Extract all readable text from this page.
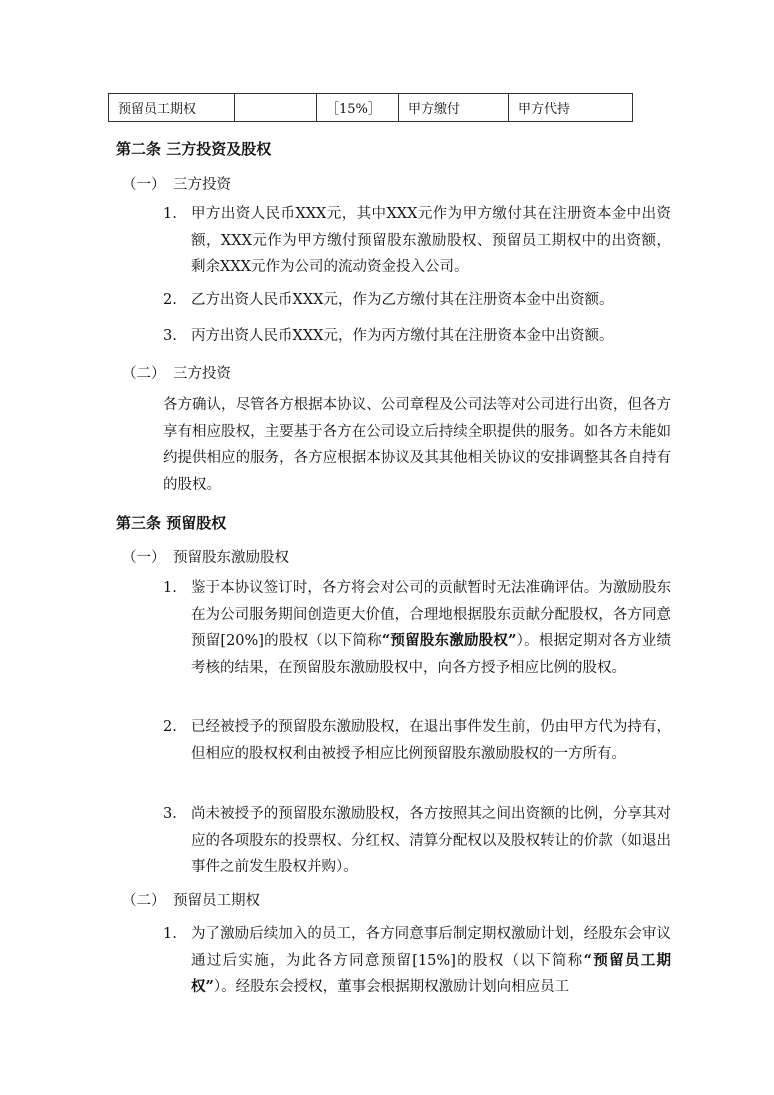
预留员工期权		［15%］	甲方缴付	甲方代持
第二条 三方投资及股权
（一） 三方投资
1. 甲方出资人民币XXX元，其中XXX元作为甲方缴付其在注册资本金中出资额，XXX元作为甲方缴付预留股东激励股权、预留员工期权中的出资额，剩余XXX元作为公司的流动资金投入公司。
2. 乙方出资人民币XXX元，作为乙方缴付其在注册资本金中出资额。
3. 丙方出资人民币XXX元，作为丙方缴付其在注册资本金中出资额。
（二） 三方投资
各方确认，尽管各方根据本协议、公司章程及公司法等对公司进行出资，但各方享有相应股权，主要基于各方在公司设立后持续全职提供的服务。如各方未能如约提供相应的服务，各方应根据本协议及其其他相关协议的安排调整其各自持有的股权。
第三条 预留股权
（一） 预留股东激励股权
1. 鉴于本协议签订时，各方将会对公司的贡献暂时无法准确评估。为激励股东在为公司服务期间创造更大价值，合理地根据股东贡献分配股权，各方同意预留[20%]的股权（以下简称“预留股东激励股权”）。根据定期对各方业绩考核的结果，在预留股东激励股权中，向各方授予相应比例的股权。
2. 已经被授予的预留股东激励股权，在退出事件发生前，仍由甲方代为持有，但相应的股权权利由被授予相应比例预留股东激励股权的一方所有。
3. 尚未被授予的预留股东激励股权，各方按照其之间出资额的比例，分享其对应的各项股东的投票权、分红权、清算分配权以及股权转让的价款（如退出事件之前发生股权并购）。
（二） 预留员工期权
1. 为了激励后续加入的员工，各方同意事后制定期权激励计划，经股东会审议通过后实施，为此各方同意预留[15%]的股权（以下简称“预留员工期权”）。经股东会授权，董事会根据期权激励计划向相应员工
